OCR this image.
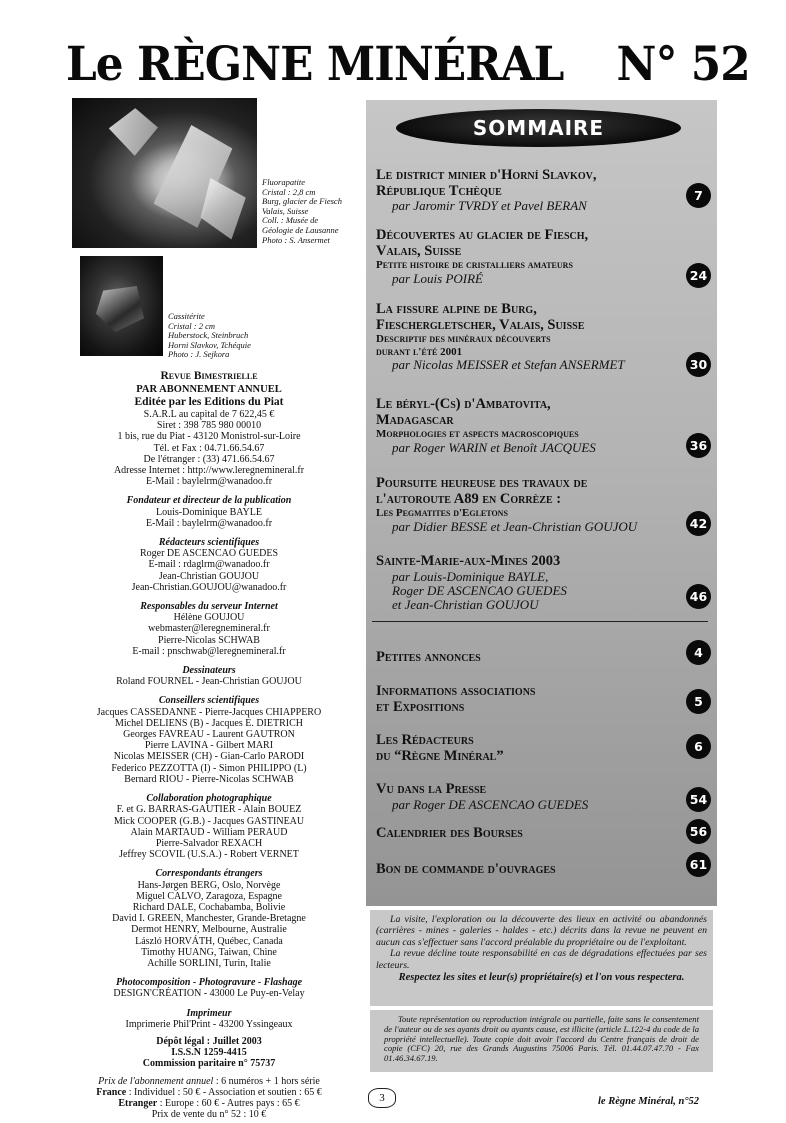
Le RÈGNE MINÉRAL N° 52
Fluorapatite
Cristal : 2,8 cm
Burg, glacier de Fiesch
Valais, Suisse
Coll. : Musée de
Géologie de Lausanne
Photo : S. Ansermet
Cassitérite
Cristal : 2 cm
Huberstock, Steinbruch
Horni Slavkov, Tchéquie
Photo : J. Sejkora
Revue Bimestrielle
PAR ABONNEMENT ANNUEL
Editée par les Editions du Piat
S.A.R.L au capital de 7 622,45 €
Siret : 398 785 980 00010
1 bis, rue du Piat - 43120 Monistrol-sur-Loire
Tél. et Fax : 04.71.66.54.67
De l'étranger : (33) 471.66.54.67
Adresse Internet : http://www.leregnemineral.fr
E-Mail : baylelrm@wanadoo.fr
Fondateur et directeur de la publication
Louis-Dominique BAYLE
E-Mail : baylelrm@wanadoo.fr
Rédacteurs scientifiques
Roger DE ASCENCAO GUEDES
E-mail : rdaglrm@wanadoo.fr
Jean-Christian GOUJOU
Jean-Christian.GOUJOU@wanadoo.fr
Responsables du serveur Internet
Hélène GOUJOU
webmaster@leregnemineral.fr
Pierre-Nicolas SCHWAB
E-mail : pnschwab@leregnemineral.fr
Dessinateurs
Roland FOURNEL - Jean-Christian GOUJOU
Conseillers scientifiques
Jacques CASSEDANNE - Pierre-Jacques CHIAPPERO
Michel DELIENS (B) - Jacques E. DIETRICH
Georges FAVREAU - Laurent GAUTRON
Pierre LAVINA - Gilbert MARI
Nicolas MEISSER (CH) - Gian-Carlo PARODI
Federico PEZZOTTA (I) - Simon PHILIPPO (L)
Bernard RIOU - Pierre-Nicolas SCHWAB
Collaboration photographique
F. et G. BARRAS-GAUTIER - Alain BOUEZ
Mick COOPER (G.B.) - Jacques GASTINEAU
Alain MARTAUD - William PERAUD
Pierre-Salvador REXACH
Jeffrey SCOVIL (U.S.A.) - Robert VERNET
Correspondants étrangers
Hans-Jørgen BERG, Oslo, Norvège
Miguel CALVO, Zaragoza, Espagne
Richard DALE, Cochabamba, Bolivie
David I. GREEN, Manchester, Grande-Bretagne
Dermot HENRY, Melbourne, Australie
László HORVÁTH, Québec, Canada
Timothy HUANG, Taiwan, Chine
Achille SORLINI, Turin, Italie
Photocomposition - Photogravure - Flashage
DESIGN'CRÉATION - 43000 Le Puy-en-Velay
Imprimeur
Imprimerie Phil'Print - 43200 Yssingeaux
Dépôt légal : Juillet 2003
I.S.S.N 1259-4415
Commission paritaire n° 75737
Prix de l'abonnement annuel : 6 numéros + 1 hors série
France : Individuel : 50 € - Association et soutien : 65 €
Etranger : Europe : 60 € - Autres pays : 65 €
Prix de vente du n° 52 : 10 €
SOMMAIRE
Le district minier d'Horní Slavkov,
République Tchèque
par Jaromir TVRDY et Pavel BERAN
7
Découvertes au glacier de Fiesch,
Valais, Suisse
Petite histoire de cristalliers amateurs
par Louis POIRÉ	24
La fissure alpine de Burg,
Fieschergletscher, Valais, Suisse
Descriptif des minéraux découverts
durant l'été 2001
par Nicolas MEISSER et Stefan ANSERMET	30
Le béryl-(Cs) d'Ambatovita,
Madagascar
Morphologies et aspects macroscopiques
par Roger WARIN et Benoît JACQUES	36
Poursuite heureuse des travaux de
l'autoroute A89 en Corrèze :
Les Pegmatites d'Egletons
par Didier BESSE et Jean-Christian GOUJOU	42
Sainte-Marie-aux-Mines 2003
par Louis-Dominique BAYLE,
Roger DE ASCENCAO GUEDES
et Jean-Christian GOUJOU
46
Petites annonces	4
Informations associations
et Expositions	5
Les Rédacteurs
du “Règne Minéral”
6
Vu dans la Presse
par Roger DE ASCENCAO GUEDES	54
Calendrier des Bourses	56
Bon de commande d'ouvrages	61
La visite, l'exploration ou la découverte des lieux en activité ou abandonnés (carrières - mines - galeries - haldes - etc.) décrits dans la revue ne peuvent en aucun cas s'effectuer sans l'accord préalable du propriétaire ou de l'exploitant.

La revue décline toute responsabilité en cas de dégradations effectuées par ses lecteurs.

Respectez les sites et leur(s) propriétaire(s) et l'on vous respectera.

Toute représentation ou reproduction intégrale ou partielle, faite sans le consentement de l'auteur ou de ses ayants droit ou ayants cause, est illicite (article L.122-4 du code de la propriété intellectuelle). Toute copie doit avoir l'accord du Centre français de droit de copie (CFC) 20, rue des Grands Augustins 75006 Paris. Tél. 01.44.07.47.70 - Fax 01.46.34.67.19.
3	le Règne Minéral, n°52
